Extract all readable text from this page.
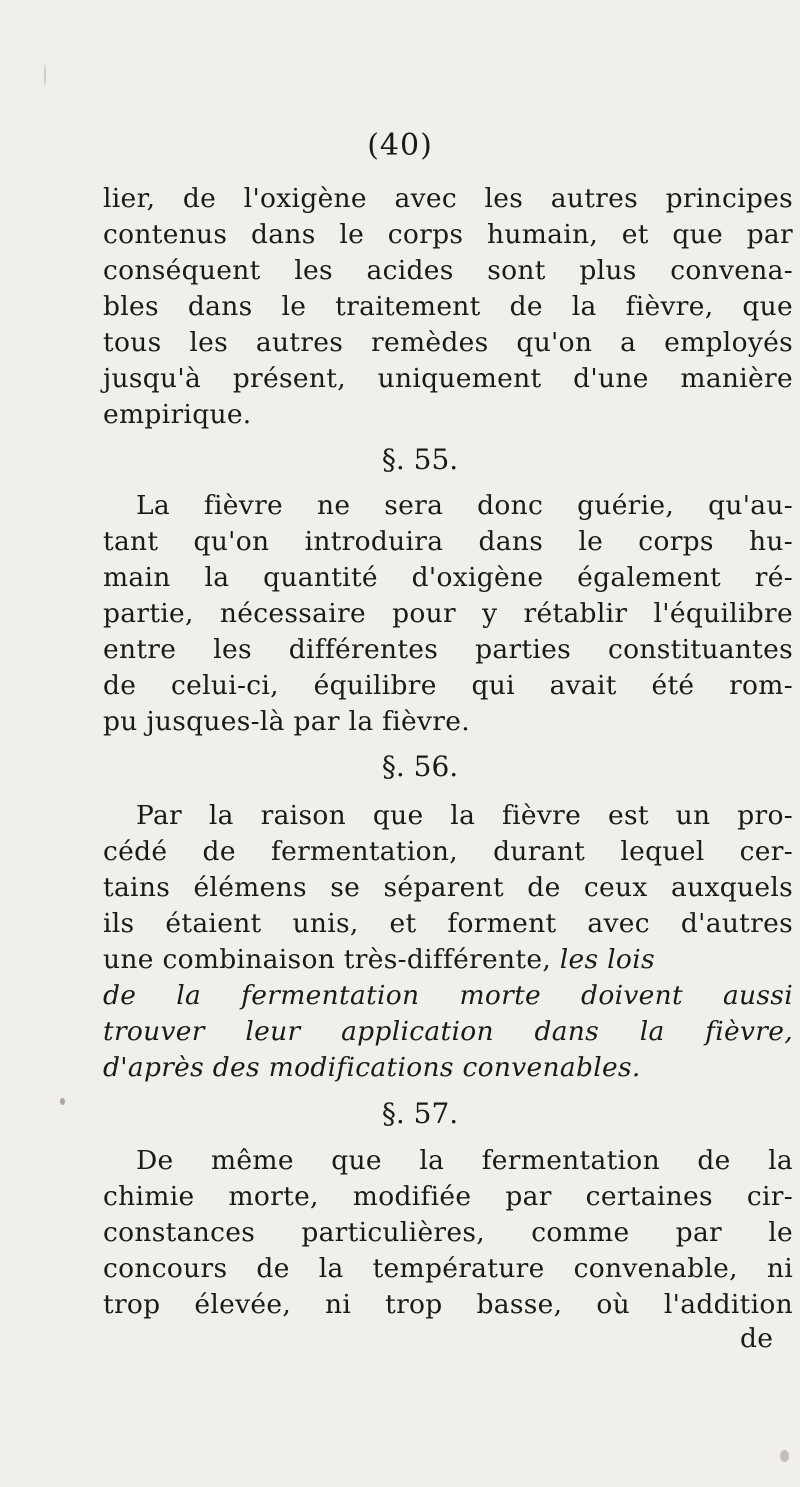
(40)
lier, de l'oxigène avec les autres principes
contenus dans le corps humain, et que par
conséquent les acides sont plus convena-
bles dans le traitement de la fièvre, que
tous les autres remèdes qu'on a employés
jusqu'à présent, uniquement d'une manière
empirique.
§. 55.
La fièvre ne sera donc guérie, qu'au-
tant qu'on introduira dans le corps hu-
main la quantité d'oxigène également ré-
partie, nécessaire pour y rétablir l'équilibre
entre les différentes parties constituantes
de celui-ci, équilibre qui avait été rom-
pu jusques-là par la fièvre.
§. 56.
Par la raison que la fièvre est un pro-
cédé de fermentation, durant lequel cer-
tains élémens se séparent de ceux auxquels
ils étaient unis, et forment avec d'autres
une combinaison très-différente, les lois
de la fermentation morte doivent aussi
trouver leur application dans la fièvre,
d'après des modifications convenables.
§. 57.
De même que la fermentation de la
chimie morte, modifiée par certaines cir-
constances particulières, comme par le
concours de la température convenable, ni
trop élevée, ni trop basse, où l'addition
de
